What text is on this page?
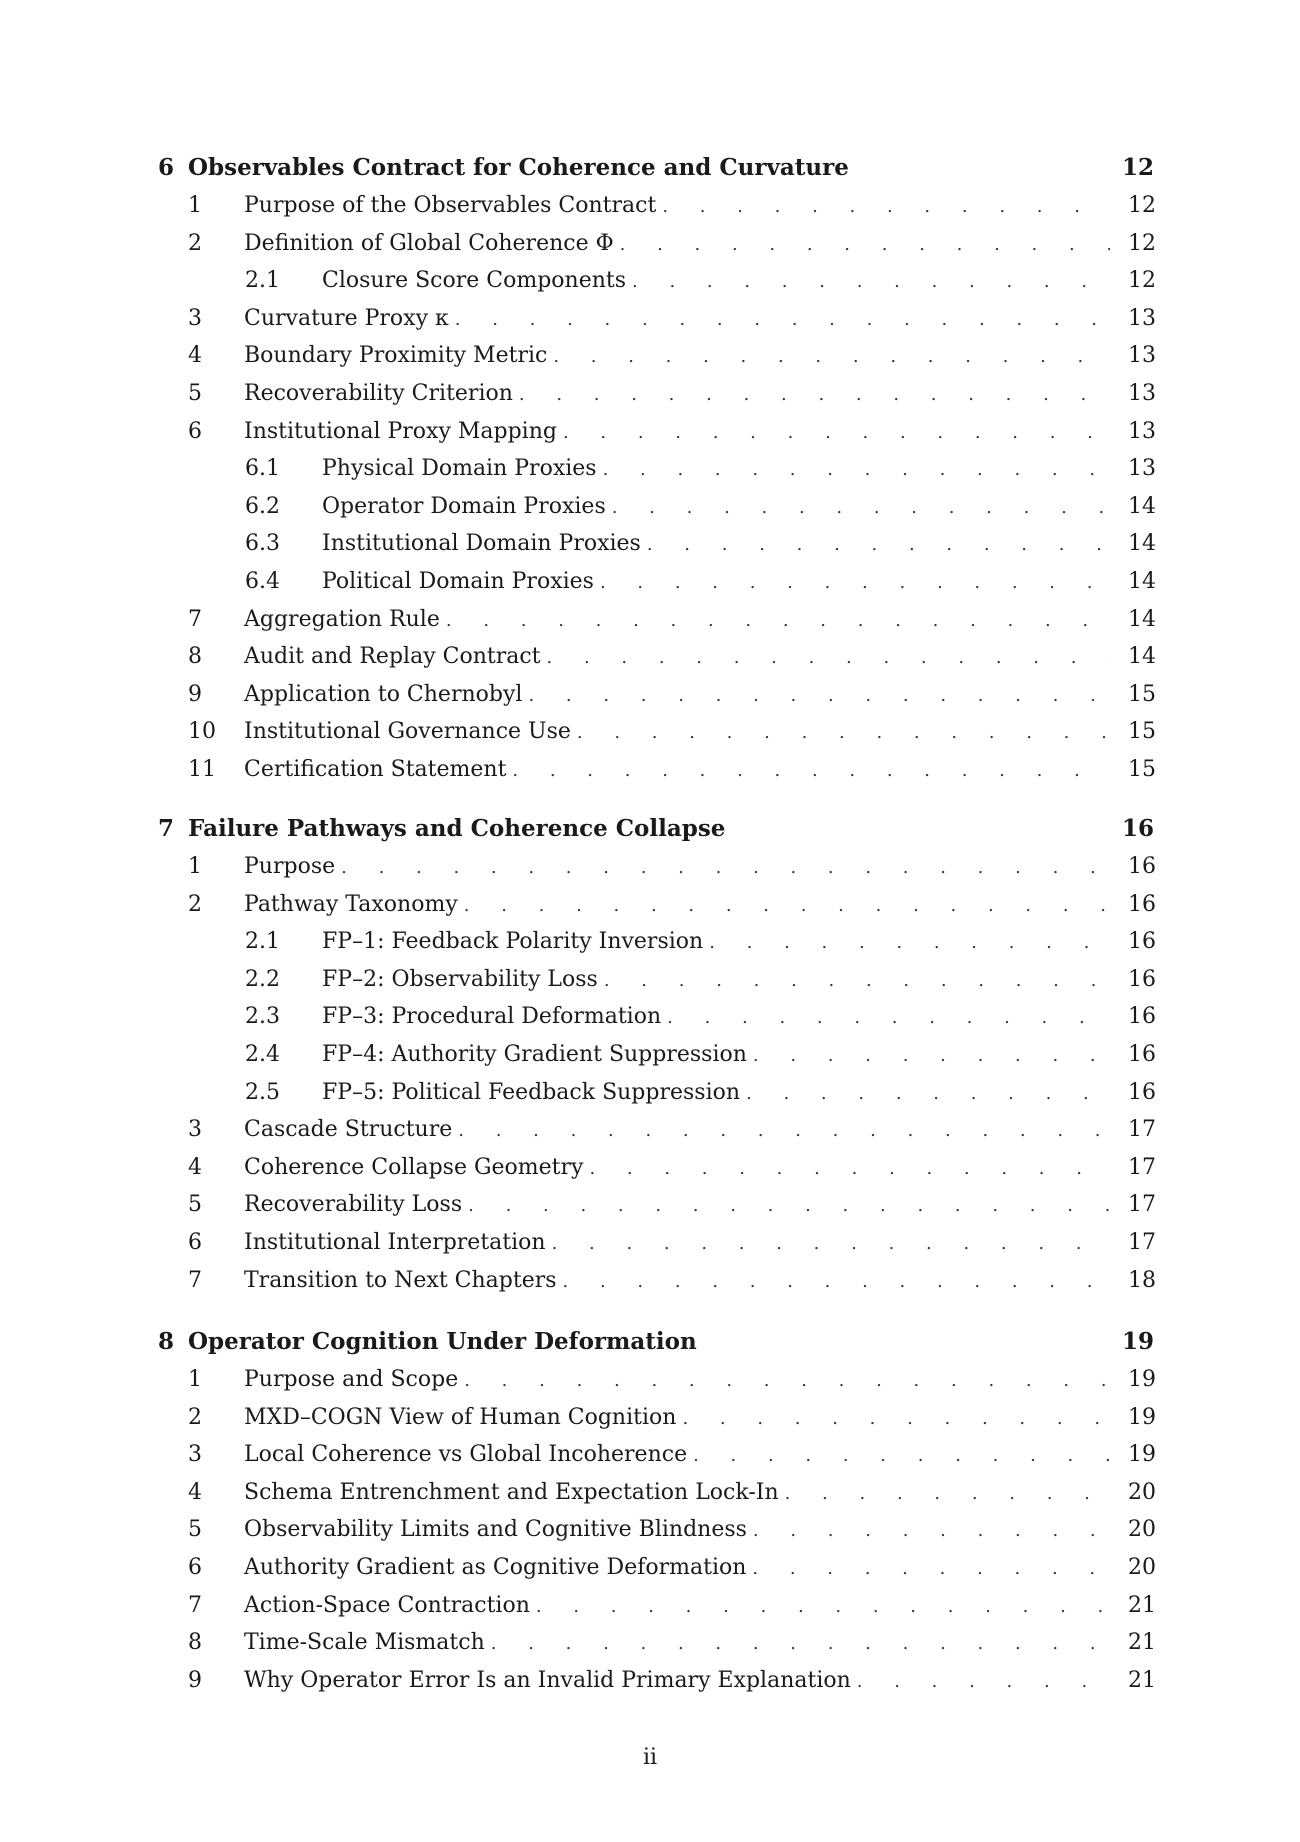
6 Observables Contract for Coherence and Curvature	12
1	Purpose of the Observables Contract . . .	12
2	Definition of Global Coherence Φ . . .	12
2.1	Closure Score Components . . .	12
3	Curvature Proxy κ . . .	13
4	Boundary Proximity Metric . . .	13
5	Recoverability Criterion . . .	13
6	Institutional Proxy Mapping . . .	13
6.1	Physical Domain Proxies . . .	13
6.2	Operator Domain Proxies . . .	14
6.3	Institutional Domain Proxies . . .	14
6.4	Political Domain Proxies . . .	14
7	Aggregation Rule . . .	14
8	Audit and Replay Contract . . .	14
9	Application to Chernobyl . . .	15
10	Institutional Governance Use . . .	15
11	Certification Statement . . .	15
7 Failure Pathways and Coherence Collapse	16
1	Purpose . . .	16
2	Pathway Taxonomy . . .	16
2.1	FP–1: Feedback Polarity Inversion . . .	16
2.2	FP–2: Observability Loss . . .	16
2.3	FP–3: Procedural Deformation . . .	16
2.4	FP–4: Authority Gradient Suppression . . .	16
2.5	FP–5: Political Feedback Suppression . . .	16
3	Cascade Structure . . .	17
4	Coherence Collapse Geometry . . .	17
5	Recoverability Loss . . .	17
6	Institutional Interpretation . . .	17
7	Transition to Next Chapters . . .	18
8 Operator Cognition Under Deformation	19
1	Purpose and Scope . . .	19
2	MXD–COGN View of Human Cognition . . .	19
3	Local Coherence vs Global Incoherence . . .	19
4	Schema Entrenchment and Expectation Lock-In . . .	20
5	Observability Limits and Cognitive Blindness . . .	20
6	Authority Gradient as Cognitive Deformation . . .	20
7	Action-Space Contraction . . .	21
8	Time-Scale Mismatch . . .	21
9	Why Operator Error Is an Invalid Primary Explanation . . .	21
ii
